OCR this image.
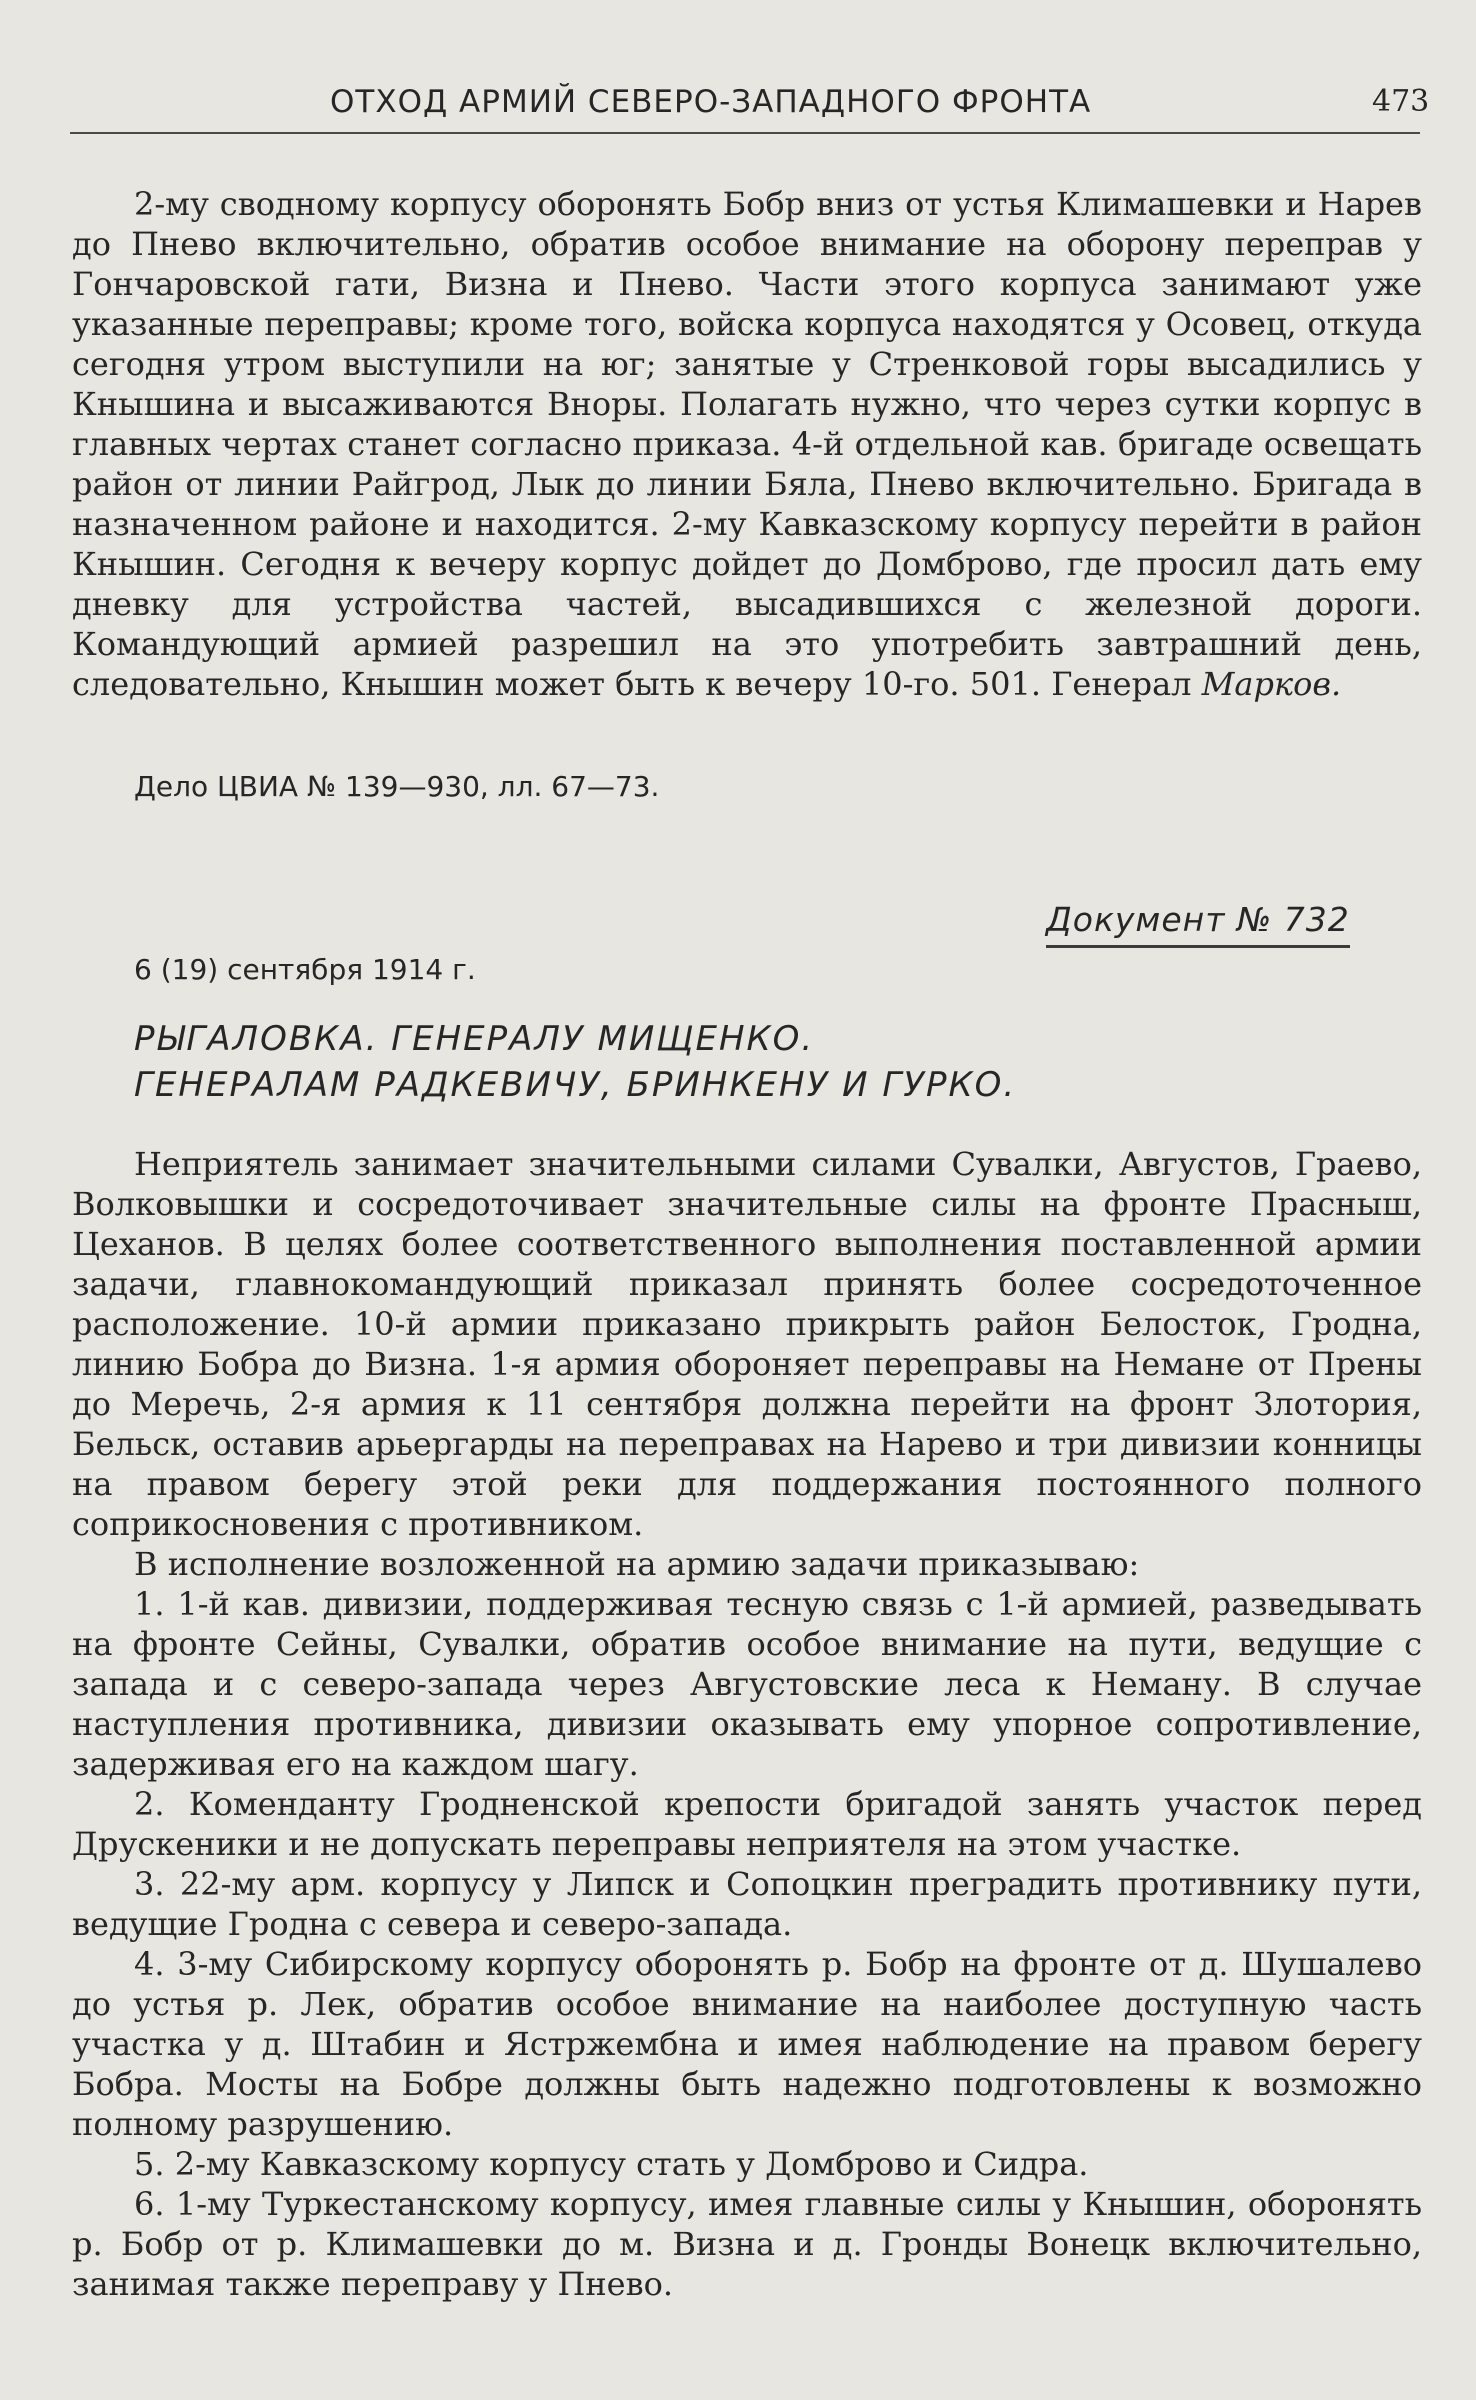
ОТХОД АРМИЙ СЕВЕРО-ЗАПАДНОГО ФРОНТА	473

2-му сводному корпусу оборонять Бобр вниз от устья Климашевки и Нарев до Пнево включительно, обратив особое внимание на оборону переправ у Гончаровской гати, Визна и Пнево. Части этого корпуса занимают уже указанные переправы; кроме того, войска корпуса находятся у Осовец, откуда сегодня утром выступили на юг; занятые у Стренковой горы высадились у Кнышина и высаживаются Вноры. Полагать нужно, что через сутки корпус в главных чертах станет согласно приказа. 4-й отдельной кав. бригаде освещать район от линии Райгрод, Лык до линии Бяла, Пнево включительно. Бригада в назначенном районе и находится. 2-му Кавказскому корпусу перейти в район Кнышин. Сегодня к вечеру корпус дойдет до Домброво, где просил дать ему дневку для устройства частей, высадившихся с железной дороги. Командующий армией разрешил на это употребить завтрашний день, следовательно, Кнышин может быть к вечеру 10-го. 501. Генерал Марков.

Дело ЦВИА № 139—930, лл. 67—73.
Документ № 732
6 (19) сентября 1914 г.
РЫГАЛОВКА. ГЕНЕРАЛУ МИЩЕНКО.
ГЕНЕРАЛАМ РАДКЕВИЧУ, БРИНКЕНУ И ГУРКО.

Неприятель занимает значительными силами Сувалки, Августов, Граево, Волковышки и сосредоточивает значительные силы на фронте Прасныш, Цеханов. В целях более соответственного выполнения поставленной армии задачи, главнокомандующий приказал принять более сосредоточенное расположение. 10-й армии приказано прикрыть район Белосток, Гродна, линию Бобра до Визна. 1-я армия обороняет переправы на Немане от Прены до Меречь, 2-я армия к 11 сентября должна перейти на фронт Злотория, Бельск, оставив арьергарды на переправах на Нарево и три дивизии конницы на правом берегу этой реки для поддержания постоянного полного соприкосновения с противником.

В исполнение возложенной на армию задачи приказываю:

1. 1-й кав. дивизии, поддерживая тесную связь с 1-й армией, разведывать на фронте Сейны, Сувалки, обратив особое внимание на пути, ведущие с запада и с северо-запада через Августовские леса к Неману. В случае наступления противника, дивизии оказывать ему упорное сопротивление, задерживая его на каждом шагу.

2. Коменданту Гродненской крепости бригадой занять участок перед Друскеники и не допускать переправы неприятеля на этом участке.

3. 22-му арм. корпусу у Липск и Сопоцкин преградить противнику пути, ведущие Гродна с севера и северо-запада.

4. 3-му Сибирскому корпусу оборонять р. Бобр на фронте от д. Шушалево до устья р. Лек, обратив особое внимание на наиболее доступную часть участка у д. Штабин и Ястржембна и имея наблюдение на правом берегу Бобра. Мосты на Бобре должны быть надежно подготовлены к возможно полному разрушению.

5. 2-му Кавказскому корпусу стать у Домброво и Сидра.

6. 1-му Туркестанскому корпусу, имея главные силы у Кнышин, оборонять р. Бобр от р. Климашевки до м. Визна и д. Гронды Вонецк включительно, занимая также переправу у Пнево.
